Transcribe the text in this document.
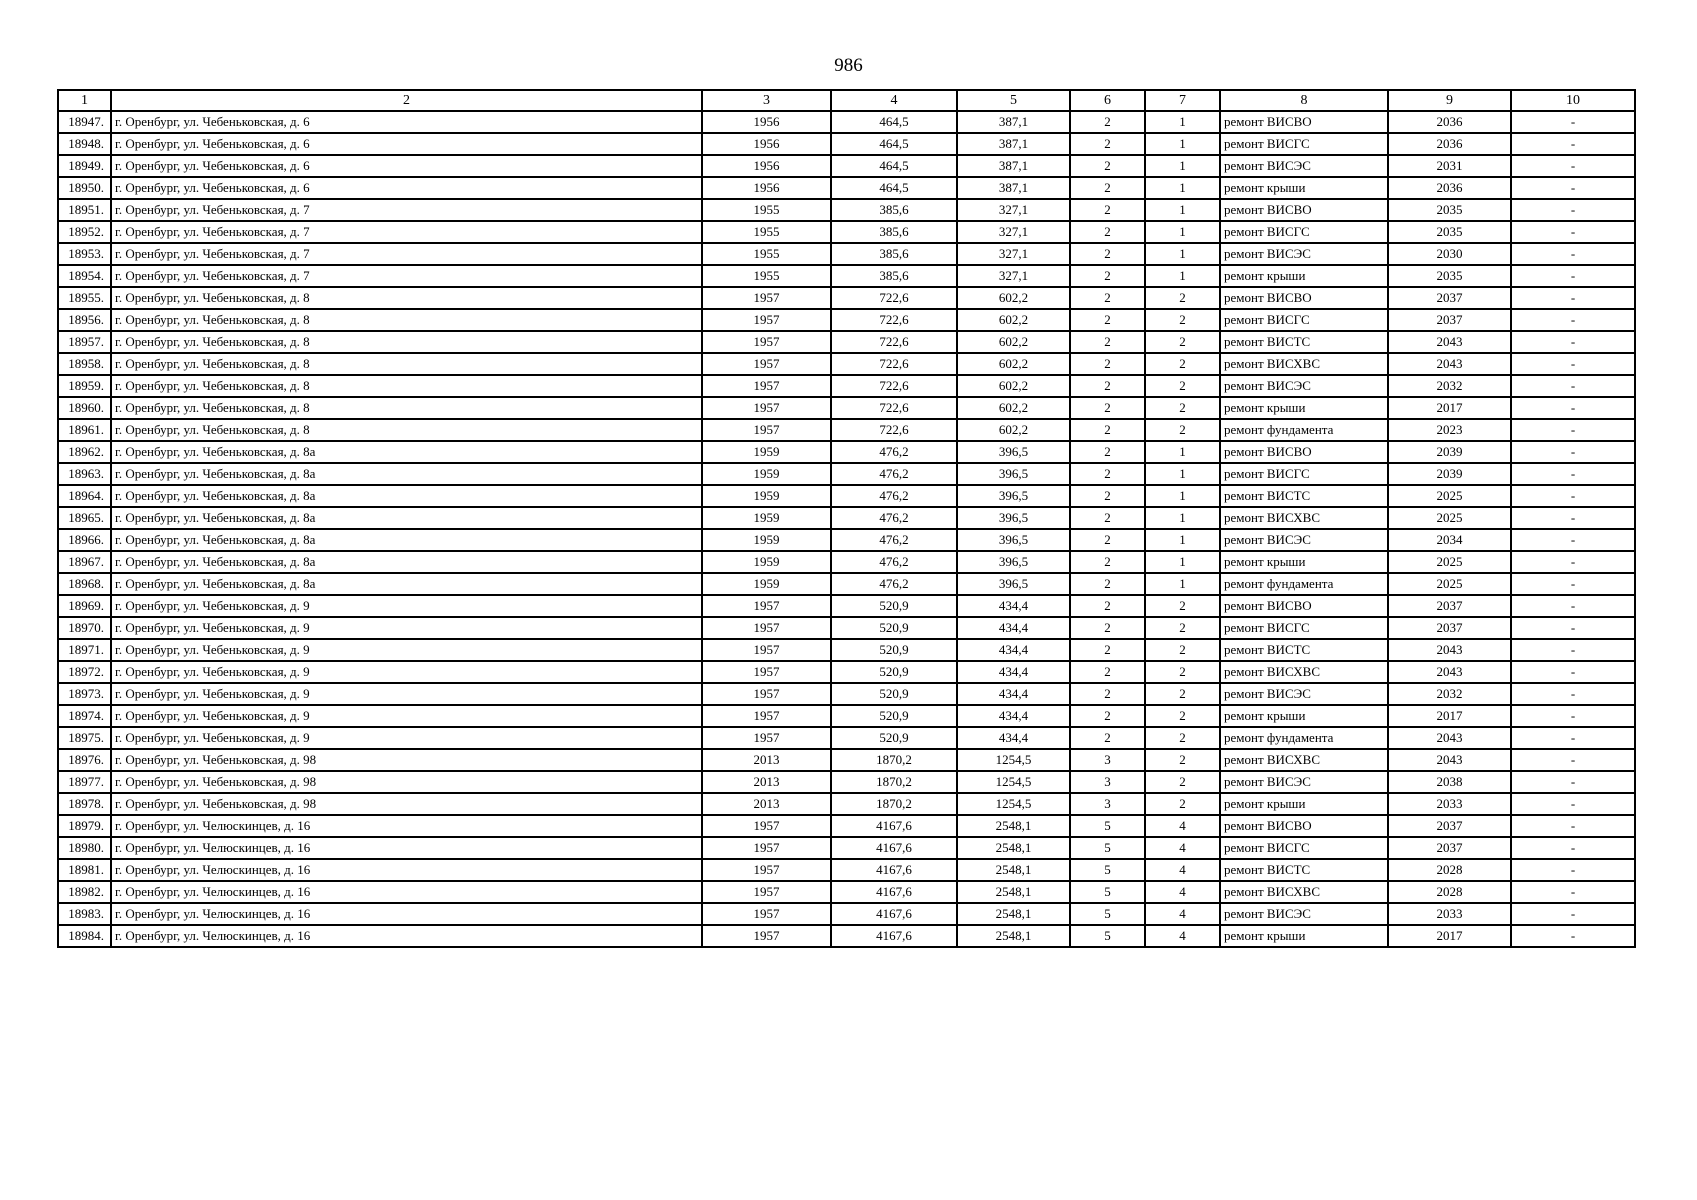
986
1	2	3	4	5	6	7	8	9	10
18947.	г. Оренбург, ул. Чебеньковская, д. 6	1956	464,5	387,1	2	1	ремонт ВИСВО	2036	-
18948.	г. Оренбург, ул. Чебеньковская, д. 6	1956	464,5	387,1	2	1	ремонт ВИСГС	2036	-
18949.	г. Оренбург, ул. Чебеньковская, д. 6	1956	464,5	387,1	2	1	ремонт ВИСЭС	2031	-
18950.	г. Оренбург, ул. Чебеньковская, д. 6	1956	464,5	387,1	2	1	ремонт крыши	2036	-
18951.	г. Оренбург, ул. Чебеньковская, д. 7	1955	385,6	327,1	2	1	ремонт ВИСВО	2035	-
18952.	г. Оренбург, ул. Чебеньковская, д. 7	1955	385,6	327,1	2	1	ремонт ВИСГС	2035	-
18953.	г. Оренбург, ул. Чебеньковская, д. 7	1955	385,6	327,1	2	1	ремонт ВИСЭС	2030	-
18954.	г. Оренбург, ул. Чебеньковская, д. 7	1955	385,6	327,1	2	1	ремонт крыши	2035	-
18955.	г. Оренбург, ул. Чебеньковская, д. 8	1957	722,6	602,2	2	2	ремонт ВИСВО	2037	-
18956.	г. Оренбург, ул. Чебеньковская, д. 8	1957	722,6	602,2	2	2	ремонт ВИСГС	2037	-
18957.	г. Оренбург, ул. Чебеньковская, д. 8	1957	722,6	602,2	2	2	ремонт ВИСТС	2043	-
18958.	г. Оренбург, ул. Чебеньковская, д. 8	1957	722,6	602,2	2	2	ремонт ВИСХВС	2043	-
18959.	г. Оренбург, ул. Чебеньковская, д. 8	1957	722,6	602,2	2	2	ремонт ВИСЭС	2032	-
18960.	г. Оренбург, ул. Чебеньковская, д. 8	1957	722,6	602,2	2	2	ремонт крыши	2017	-
18961.	г. Оренбург, ул. Чебеньковская, д. 8	1957	722,6	602,2	2	2	ремонт фундамента	2023	-
18962.	г. Оренбург, ул. Чебеньковская, д. 8а	1959	476,2	396,5	2	1	ремонт ВИСВО	2039	-
18963.	г. Оренбург, ул. Чебеньковская, д. 8а	1959	476,2	396,5	2	1	ремонт ВИСГС	2039	-
18964.	г. Оренбург, ул. Чебеньковская, д. 8а	1959	476,2	396,5	2	1	ремонт ВИСТС	2025	-
18965.	г. Оренбург, ул. Чебеньковская, д. 8а	1959	476,2	396,5	2	1	ремонт ВИСХВС	2025	-
18966.	г. Оренбург, ул. Чебеньковская, д. 8а	1959	476,2	396,5	2	1	ремонт ВИСЭС	2034	-
18967.	г. Оренбург, ул. Чебеньковская, д. 8а	1959	476,2	396,5	2	1	ремонт крыши	2025	-
18968.	г. Оренбург, ул. Чебеньковская, д. 8а	1959	476,2	396,5	2	1	ремонт фундамента	2025	-
18969.	г. Оренбург, ул. Чебеньковская, д. 9	1957	520,9	434,4	2	2	ремонт ВИСВО	2037	-
18970.	г. Оренбург, ул. Чебеньковская, д. 9	1957	520,9	434,4	2	2	ремонт ВИСГС	2037	-
18971.	г. Оренбург, ул. Чебеньковская, д. 9	1957	520,9	434,4	2	2	ремонт ВИСТС	2043	-
18972.	г. Оренбург, ул. Чебеньковская, д. 9	1957	520,9	434,4	2	2	ремонт ВИСХВС	2043	-
18973.	г. Оренбург, ул. Чебеньковская, д. 9	1957	520,9	434,4	2	2	ремонт ВИСЭС	2032	-
18974.	г. Оренбург, ул. Чебеньковская, д. 9	1957	520,9	434,4	2	2	ремонт крыши	2017	-
18975.	г. Оренбург, ул. Чебеньковская, д. 9	1957	520,9	434,4	2	2	ремонт фундамента	2043	-
18976.	г. Оренбург, ул. Чебеньковская, д. 98	2013	1870,2	1254,5	3	2	ремонт ВИСХВС	2043	-
18977.	г. Оренбург, ул. Чебеньковская, д. 98	2013	1870,2	1254,5	3	2	ремонт ВИСЭС	2038	-
18978.	г. Оренбург, ул. Чебеньковская, д. 98	2013	1870,2	1254,5	3	2	ремонт крыши	2033	-
18979.	г. Оренбург, ул. Челюскинцев, д. 16	1957	4167,6	2548,1	5	4	ремонт ВИСВО	2037	-
18980.	г. Оренбург, ул. Челюскинцев, д. 16	1957	4167,6	2548,1	5	4	ремонт ВИСГС	2037	-
18981.	г. Оренбург, ул. Челюскинцев, д. 16	1957	4167,6	2548,1	5	4	ремонт ВИСТС	2028	-
18982.	г. Оренбург, ул. Челюскинцев, д. 16	1957	4167,6	2548,1	5	4	ремонт ВИСХВС	2028	-
18983.	г. Оренбург, ул. Челюскинцев, д. 16	1957	4167,6	2548,1	5	4	ремонт ВИСЭС	2033	-
18984.	г. Оренбург, ул. Челюскинцев, д. 16	1957	4167,6	2548,1	5	4	ремонт крыши	2017	-
